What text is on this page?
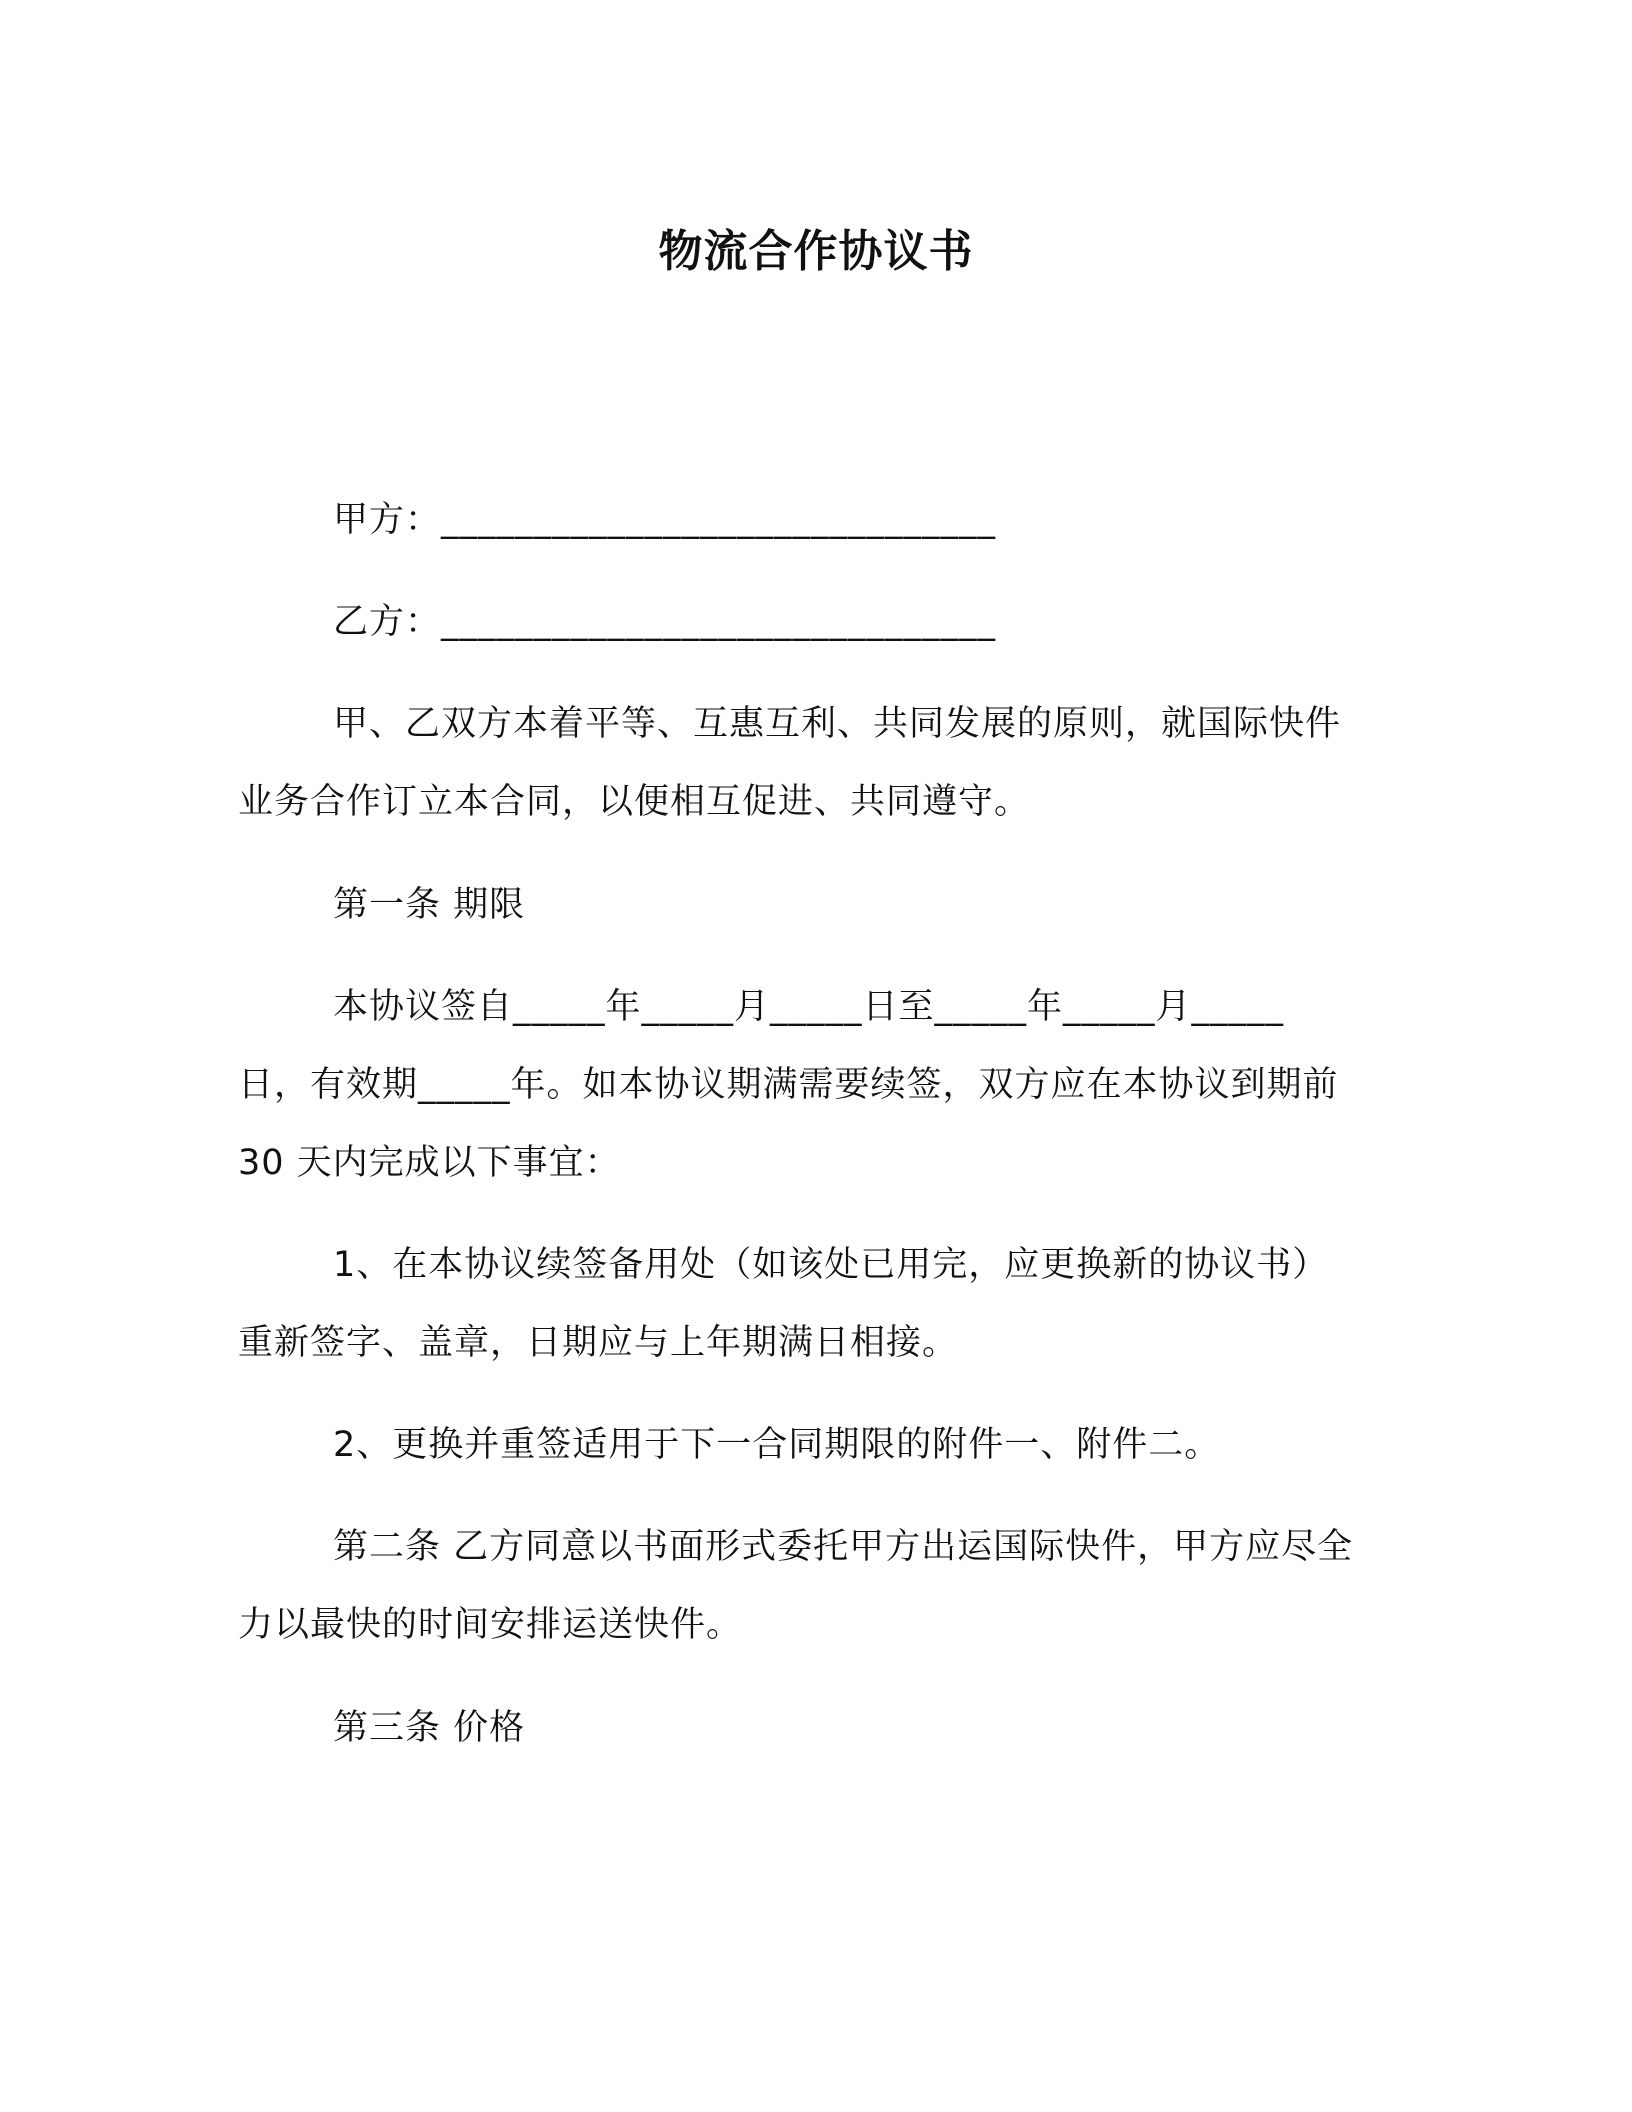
物流合作协议书
甲方：______________________________
乙方：______________________________
甲、乙双方本着平等、互惠互利、共同发展的原则，就国际快件
业务合作订立本合同，以便相互促进、共同遵守。
第一条 期限
本协议签自_____年_____月_____日至_____年_____月_____
日，有效期_____年。如本协议期满需要续签，双方应在本协议到期前
30 天内完成以下事宜：
1、在本协议续签备用处（如该处已用完，应更换新的协议书）
重新签字、盖章，日期应与上年期满日相接。
2、更换并重签适用于下一合同期限的附件一、附件二。
第二条 乙方同意以书面形式委托甲方出运国际快件，甲方应尽全
力以最快的时间安排运送快件。
第三条 价格
